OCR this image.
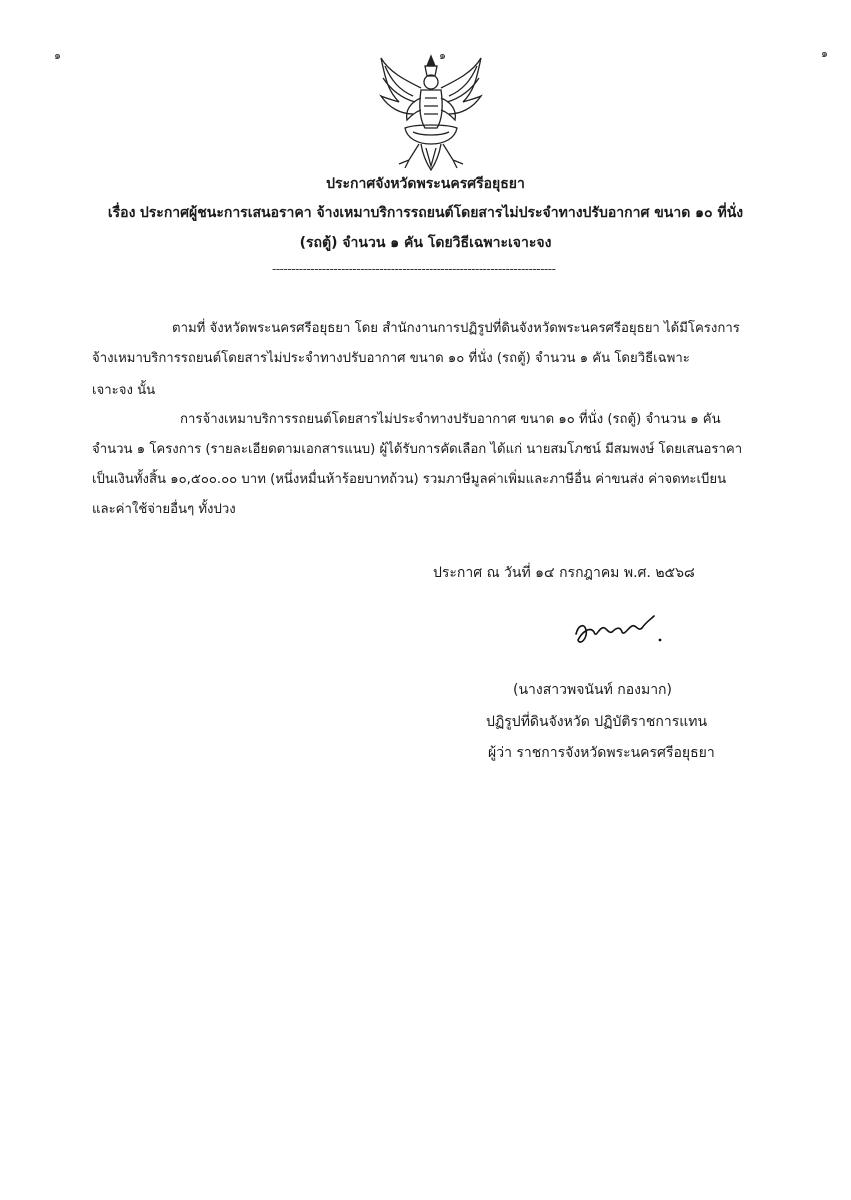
๑	๑	๑
ประกาศจังหวัดพระนครศรีอยุธยา
เรื่อง ประกาศผู้ชนะการเสนอราคา จ้างเหมาบริการรถยนต์โดยสารไม่ประจำทางปรับอากาศ ขนาด ๑๐ ที่นั่ง
(รถตู้) จำนวน ๑ คัน โดยวิธีเฉพาะเจาะจง
--------------------------------------------------------------------------
ตามที่ จังหวัดพระนครศรีอยุธยา โดย สำนักงานการปฏิรูปที่ดินจังหวัดพระนครศรีอยุธยา ได้มีโครงการ
จ้างเหมาบริการรถยนต์โดยสารไม่ประจำทางปรับอากาศ ขนาด ๑๐ ที่นั่ง (รถตู้) จำนวน ๑ คัน โดยวิธีเฉพาะ
เจาะจง นั้น
การจ้างเหมาบริการรถยนต์โดยสารไม่ประจำทางปรับอากาศ ขนาด ๑๐ ที่นั่ง (รถตู้) จำนวน ๑ คัน
จำนวน ๑ โครงการ (รายละเอียดตามเอกสารแนบ) ผู้ได้รับการคัดเลือก ได้แก่ นายสมโภชน์ มีสมพงษ์ โดยเสนอราคา
เป็นเงินทั้งสิ้น ๑๐,๕๐๐.๐๐ บาท (หนึ่งหมื่นห้าร้อยบาทถ้วน) รวมภาษีมูลค่าเพิ่มและภาษีอื่น ค่าขนส่ง ค่าจดทะเบียน
และค่าใช้จ่ายอื่นๆ ทั้งปวง
ประกาศ ณ วันที่ ๑๔ กรกฎาคม พ.ศ. ๒๕๖๘
(นางสาวพจนันท์ กองมาก)
ปฏิรูปที่ดินจังหวัด ปฏิบัติราชการแทน
ผู้ว่า ราชการจังหวัดพระนครศรีอยุธยา
